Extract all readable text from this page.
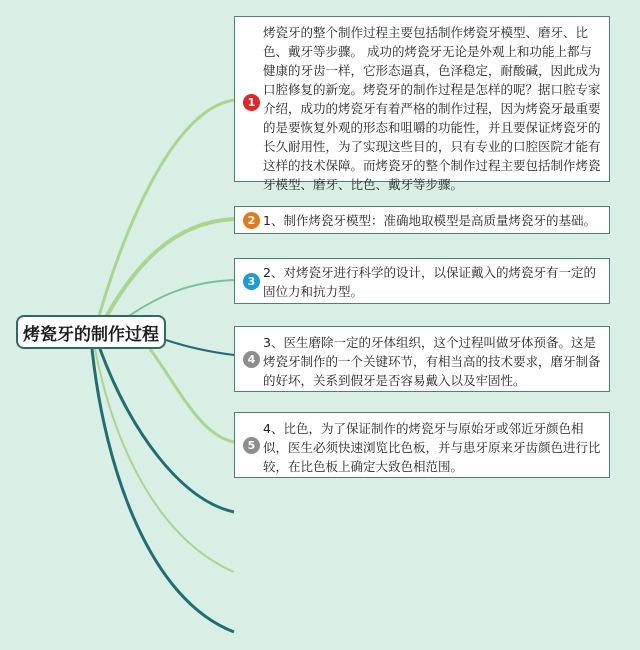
烤瓷牙的制作过程
1
烤瓷牙的整个制作过程主要包括制作烤瓷牙模型、磨牙、比色、戴牙等步骤。 成功的烤瓷牙无论是外观上和功能上都与健康的牙齿一样，它形态逼真，色泽稳定，耐酸碱，因此成为口腔修复的新宠。烤瓷牙的制作过程是怎样的呢？据口腔专家介绍，成功的烤瓷牙有着严格的制作过程，因为烤瓷牙最重要的是要恢复外观的形态和咀嚼的功能性，并且要保证烤瓷牙的长久耐用性，为了实现这些目的，只有专业的口腔医院才能有这样的技术保障。而烤瓷牙的整个制作过程主要包括制作烤瓷牙模型、磨牙、比色、戴牙等步骤。
2 1、制作烤瓷牙模型：准确地取模型是高质量烤瓷牙的基础。
3
2、对烤瓷牙进行科学的设计，以保证戴入的烤瓷牙有一定的固位力和抗力型。
4
3、医生磨除一定的牙体组织，这个过程叫做牙体预备。这是烤瓷牙制作的一个关键环节，有相当高的技术要求，磨牙制备的好坏，关系到假牙是否容易戴入以及牢固性。
5
4、比色，为了保证制作的烤瓷牙与原始牙或邻近牙颜色相似，医生必须快速浏览比色板，并与患牙原来牙齿颜色进行比较，在比色板上确定大致色相范围。
